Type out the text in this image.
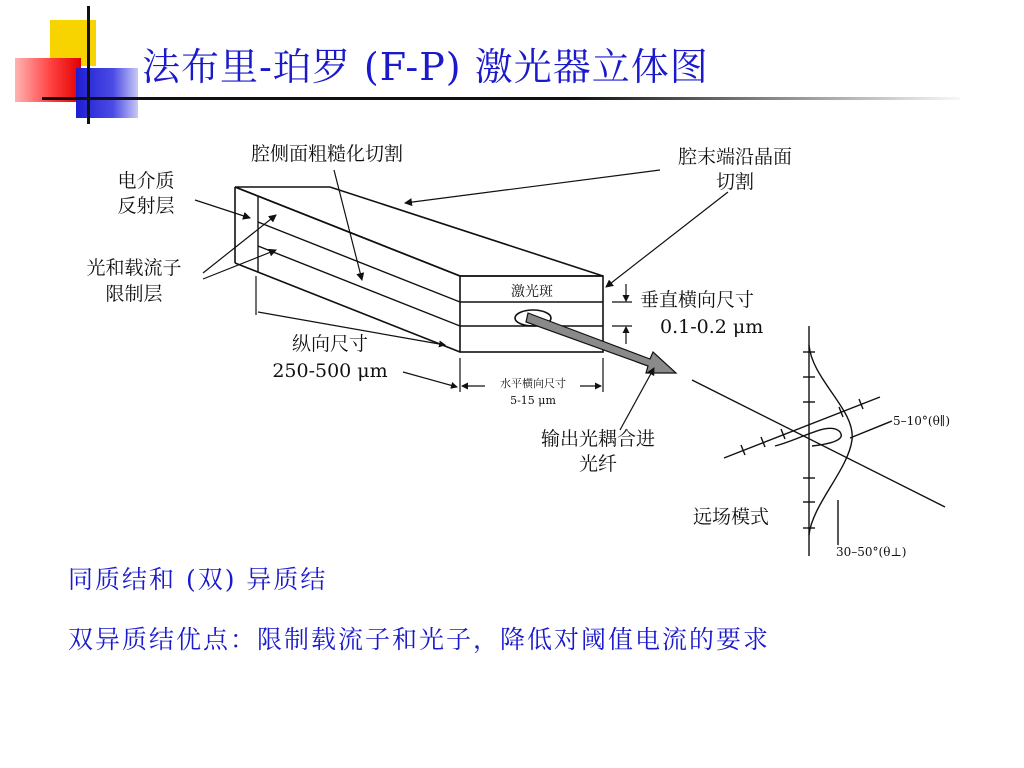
法布里-珀罗 (F-P) 激光器立体图
腔侧面粗糙化切割	腔末端沿晶面
切割
电介质
反射层
光和载流子
限制层	激光斑	垂直横向尺寸
0.1-0.2 μm
纵向尺寸
250-500 μm
水平横向尺寸
5-15 μm
输出光耦合进
光纤
5–10°(θ∥)
30–50°(θ⊥)
远场模式
同质结和 (双) 异质结
双异质结优点：限制载流子和光子，降低对阈值电流的要求
